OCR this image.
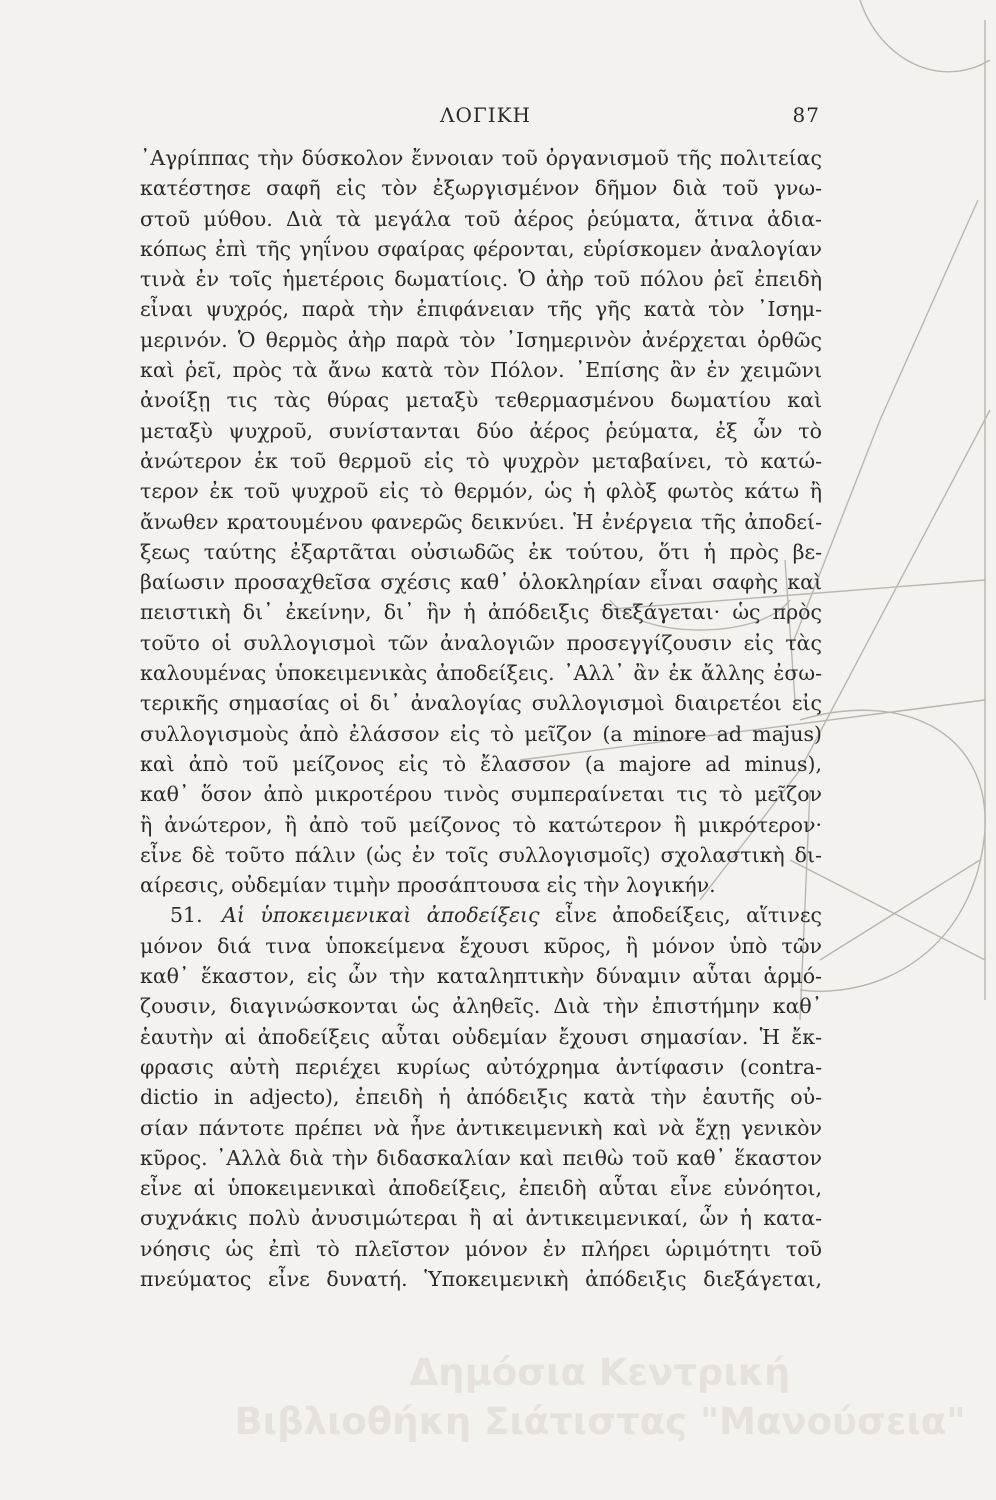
ΛΟΓΙΚΗ	87
᾿Αγρίππας τὴν δύσκολον ἔννοιαν τοῦ ὀργανισμοῦ τῆς πολιτείας
κατέστησε σαφῆ εἰς τὸν ἐξωργισμένον δῆμον διὰ τοῦ γνω-
στοῦ μύθου. Διὰ τὰ μεγάλα τοῦ ἀέρος ῥεύματα, ἅτινα ἀδια-
κόπως ἐπὶ τῆς γηΐνου σφαίρας φέρονται, εὑρίσκομεν ἀναλογίαν
τινὰ ἐν τοῖς ἡμετέροις δωματίοις. Ὁ ἀὴρ τοῦ πόλου ῥεῖ ἐπειδὴ
εἶναι ψυχρός, παρὰ τὴν ἐπιφάνειαν τῆς γῆς κατὰ τὸν ᾿Ισημ-
μερινόν. Ὁ θερμὸς ἀὴρ παρὰ τὸν ᾿Ισημερινὸν ἀνέρχεται ὀρθῶς
καὶ ῥεῖ, πρὸς τὰ ἄνω κατὰ τὸν Πόλον. ᾿Επίσης ἂν ἐν χειμῶνι
ἀνοίξῃ τις τὰς θύρας μεταξὺ τεθερμασμένου δωματίου καὶ
μεταξὺ ψυχροῦ, συνίστανται δύο ἀέρος ῥεύματα, ἐξ ὧν τὸ
ἀνώτερον ἐκ τοῦ θερμοῦ εἰς τὸ ψυχρὸν μεταβαίνει, τὸ κατώ-
τερον ἐκ τοῦ ψυχροῦ εἰς τὸ θερμόν, ὡς ἡ φλὸξ φωτὸς κάτω ἢ
ἄνωθεν κρατουμένου φανερῶς δεικνύει. Ἡ ἐνέργεια τῆς ἀποδεί-
ξεως ταύτης ἐξαρτᾶται οὐσιωδῶς ἐκ τούτου, ὅτι ἡ πρὸς βε-
βαίωσιν προσαχθεῖσα σχέσις καθ᾿ ὁλοκληρίαν εἶναι σαφὴς καὶ
πειστικὴ δι᾿ ἐκείνην, δι᾿ ἣν ἡ ἀπόδειξις διεξάγεται· ὡς πρὸς
τοῦτο οἱ συλλογισμοὶ τῶν ἀναλογιῶν προσεγγίζουσιν εἰς τὰς
καλουμένας ὑποκειμενικὰς ἀποδείξεις. ᾿Αλλ᾿ ἂν ἐκ ἄλλης ἐσω-
τερικῆς σημασίας οἱ δι᾿ ἀναλογίας συλλογισμοὶ διαιρετέοι εἰς
συλλογισμοὺς ἀπὸ ἐλάσσον εἰς τὸ μεῖζον (a minore ad majus)
καὶ ἀπὸ τοῦ μείζονος εἰς τὸ ἔλασσον (a majore ad minus),
καθ᾿ ὅσον ἀπὸ μικροτέρου τινὸς συμπεραίνεται τις τὸ μεῖζον
ἢ ἀνώτερον, ἢ ἀπὸ τοῦ μείζονος τὸ κατώτερον ἢ μικρότερον·
εἶνε δὲ τοῦτο πάλιν (ὡς ἐν τοῖς συλλογισμοῖς) σχολαστικὴ δι-
αίρεσις, οὐδεμίαν τιμὴν προσάπτουσα εἰς τὴν λογικήν.
51. Αἱ ὑποκειμενικαὶ ἀποδείξεις εἶνε ἀποδείξεις, αἵτινες
μόνον διά τινα ὑποκείμενα ἔχουσι κῦρος, ἢ μόνον ὑπὸ τῶν
καθ᾿ ἕκαστον, εἰς ὧν τὴν καταληπτικὴν δύναμιν αὗται ἁρμό-
ζουσιν, διαγινώσκονται ὡς ἀληθεῖς. Διὰ τὴν ἐπιστήμην καθ᾿
ἑαυτὴν αἱ ἀποδείξεις αὗται οὐδεμίαν ἔχουσι σημασίαν. Ἡ ἔκ-
φρασις αὐτὴ περιέχει κυρίως αὐτόχρημα ἀντίφασιν (contra-
dictio in adjecto), ἐπειδὴ ἡ ἀπόδειξις κατὰ τὴν ἑαυτῆς οὐ-
σίαν πάντοτε πρέπει νὰ ἦνε ἀντικειμενικὴ καὶ νὰ ἔχῃ γενικὸν
κῦρος. ᾿Αλλὰ διὰ τὴν διδασκαλίαν καὶ πειθὼ τοῦ καθ᾿ ἕκαστον
εἶνε αἱ ὑποκειμενικαὶ ἀποδείξεις, ἐπειδὴ αὗται εἶνε εὐνόητοι,
συχνάκις πολὺ ἀνυσιμώτεραι ἢ αἱ ἀντικειμενικαί, ὧν ἡ κατα-
νόησις ὡς ἐπὶ τὸ πλεῖστον μόνον ἐν πλήρει ὡριμότητι τοῦ
πνεύματος εἶνε δυνατή. Ὑποκειμενικὴ ἀπόδειξις διεξάγεται,
Δημόσια Κεντρική
Βιβλιοθήκη Σιάτιστας "Μανούσεια"
